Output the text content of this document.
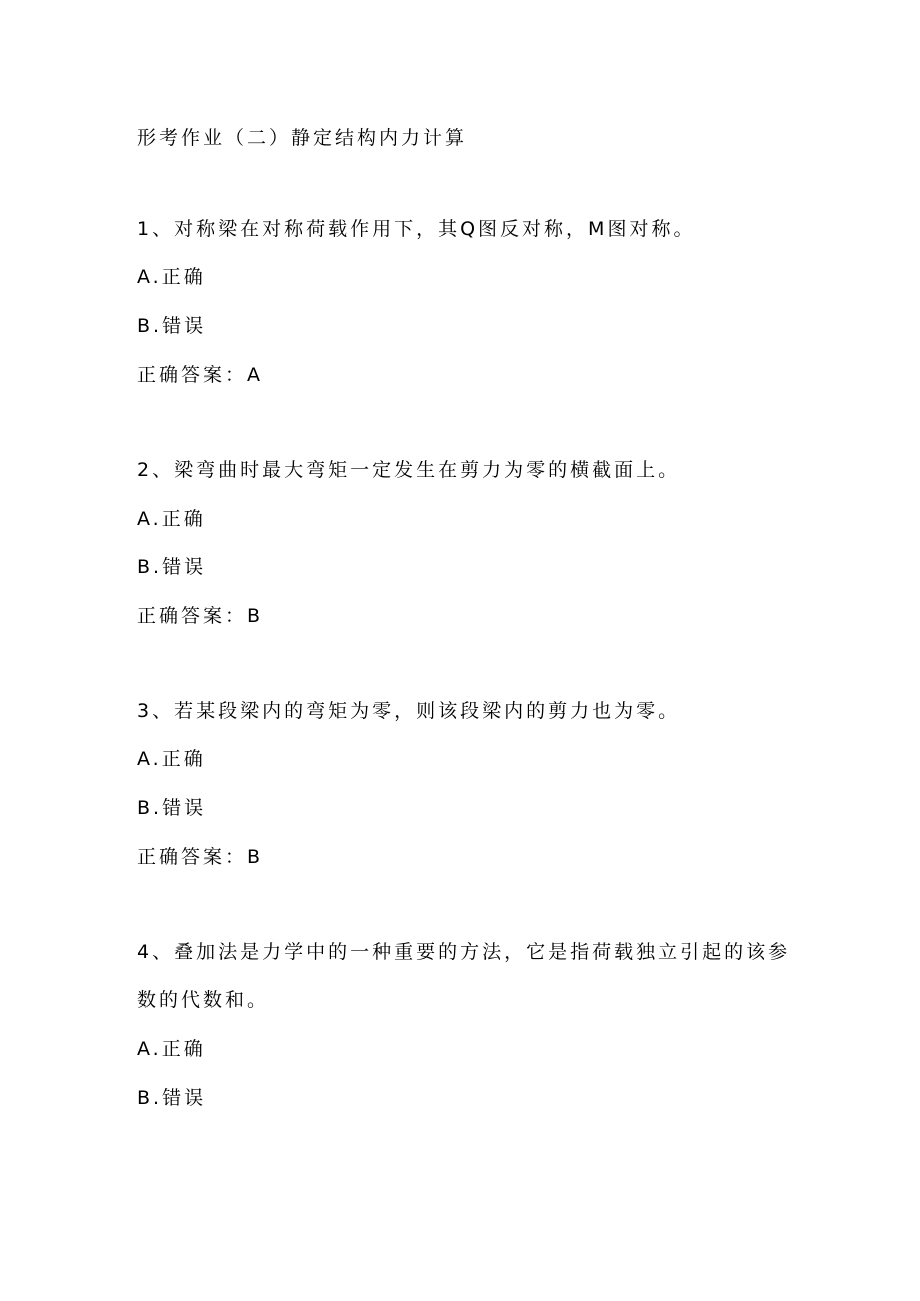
形考作业（二）静定结构内力计算
1、对称梁在对称荷载作用下，其Q图反对称，M图对称。
A.正确
B.错误
正确答案：A
2、梁弯曲时最大弯矩一定发生在剪力为零的横截面上。
A.正确
B.错误
正确答案：B
3、若某段梁内的弯矩为零，则该段梁内的剪力也为零。
A.正确
B.错误
正确答案：B
4、叠加法是力学中的一种重要的方法，它是指荷载独立引起的该参
数的代数和。
A.正确
B.错误
